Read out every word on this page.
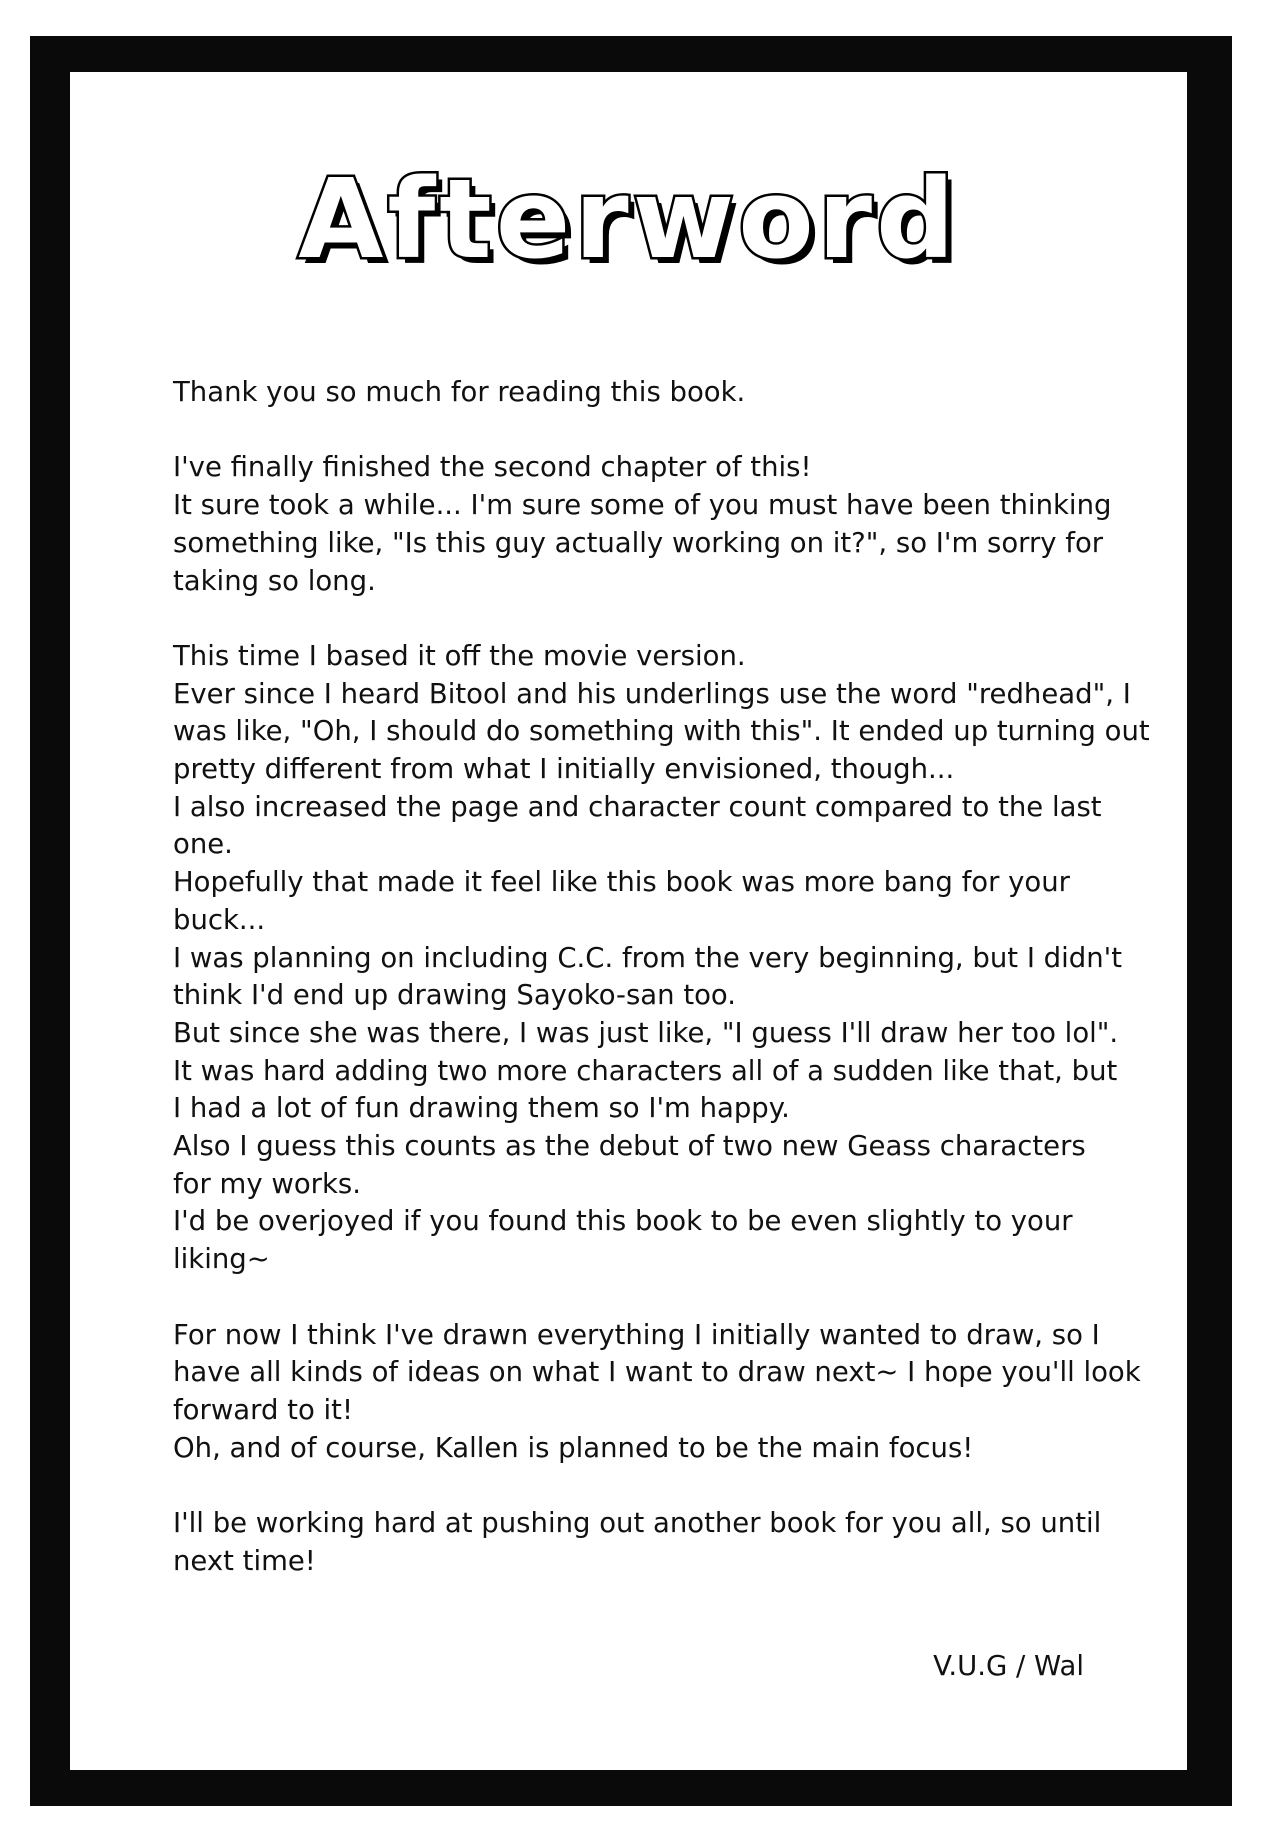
Afterword

Thank you so much for reading this book.

I've finally finished the second chapter of this!

It sure took a while... I'm sure some of you must have been thinking

something like, "Is this guy actually working on it?", so I'm sorry for

taking so long.

This time I based it off the movie version.

Ever since I heard Bitool and his underlings use the word "redhead", I

was like, "Oh, I should do something with this". It ended up turning out

pretty different from what I initially envisioned, though...

I also increased the page and character count compared to the last

one.

Hopefully that made it feel like this book was more bang for your

buck...

I was planning on including C.C. from the very beginning, but I didn't

think I'd end up drawing Sayoko-san too.

But since she was there, I was just like, "I guess I'll draw her too lol".

It was hard adding two more characters all of a sudden like that, but

I had a lot of fun drawing them so I'm happy.

Also I guess this counts as the debut of two new Geass characters

for my works.

I'd be overjoyed if you found this book to be even slightly to your

liking~

For now I think I've drawn everything I initially wanted to draw, so I

have all kinds of ideas on what I want to draw next~ I hope you'll look

forward to it!

Oh, and of course, Kallen is planned to be the main focus!

I'll be working hard at pushing out another book for you all, so until

next time!

V.U.G / Wal
